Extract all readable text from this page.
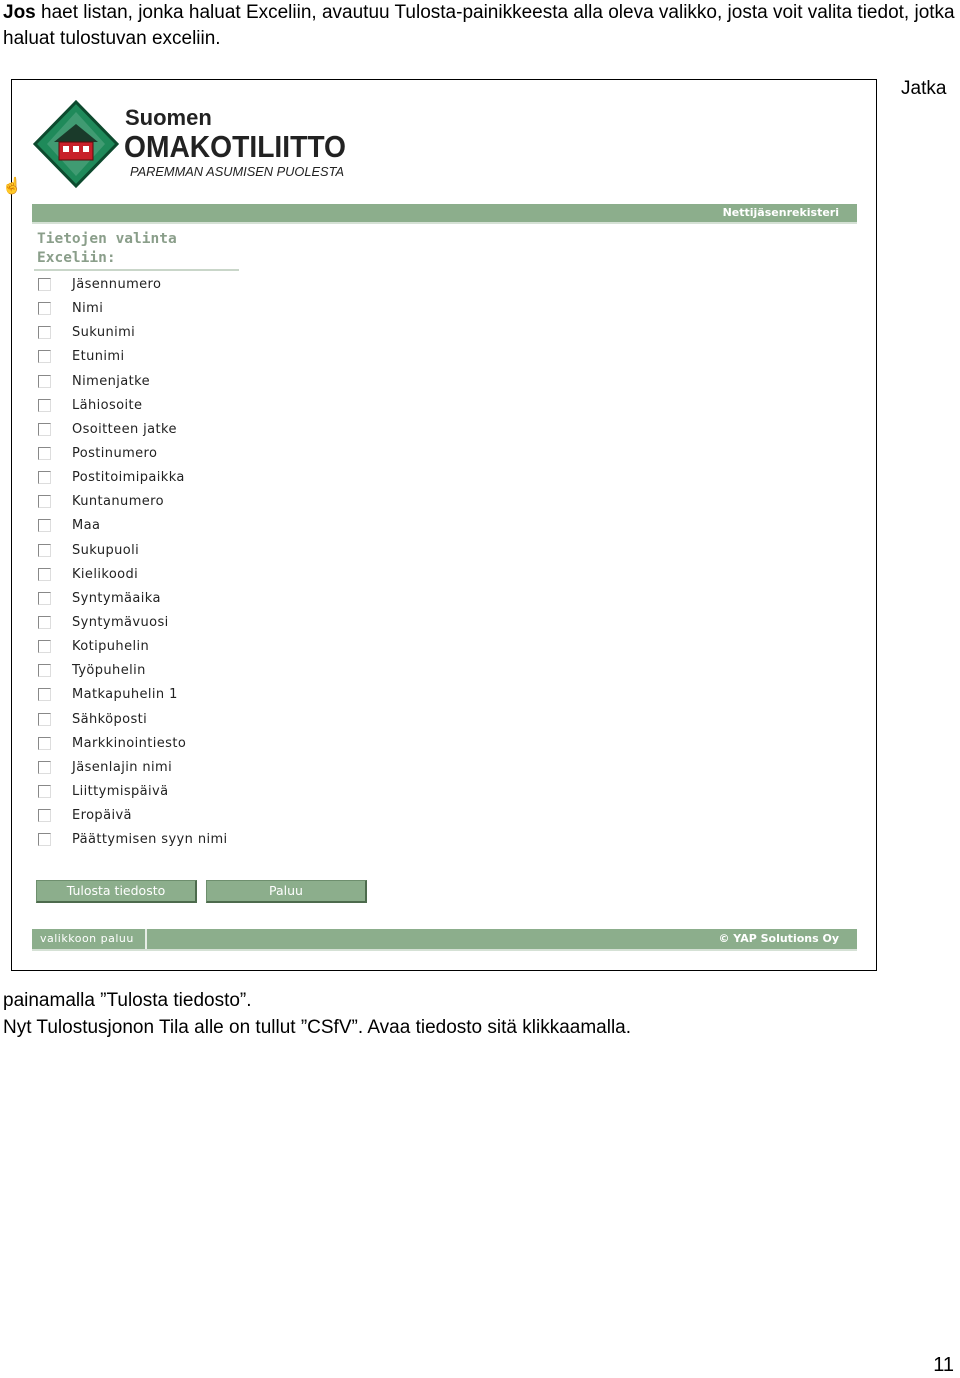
Jos haet listan, jonka haluat Exceliin, avautuu Tulosta-painikkeesta alla oleva valikko, josta voit valita tiedot, jotka haluat tulostuvan exceliin.
Jatka
☝
Suomen
OMAKOTILIITTO
PAREMMAN ASUMISEN PUOLESTA
Nettijäsenrekisteri
Tietojen valinta
Exceliin:
Jäsennumero
Nimi
Sukunimi
Etunimi
Nimenjatke
Lähiosoite
Osoitteen jatke
Postinumero
Postitoimipaikka
Kuntanumero
Maa
Sukupuoli
Kielikoodi
Syntymäaika
Syntymävuosi
Kotipuhelin
Työpuhelin
Matkapuhelin 1
Sähköposti
Markkinointiesto
Jäsenlajin nimi
Liittymispäivä
Eropäivä
Päättymisen syyn nimi
Tulosta tiedosto	Paluu
valikkoon paluu	© YAP Solutions Oy
painamalla ”Tulosta tiedosto”.
Nyt Tulostusjonon Tila alle on tullut ”CSfV”. Avaa tiedosto sitä klikkaamalla.
11
